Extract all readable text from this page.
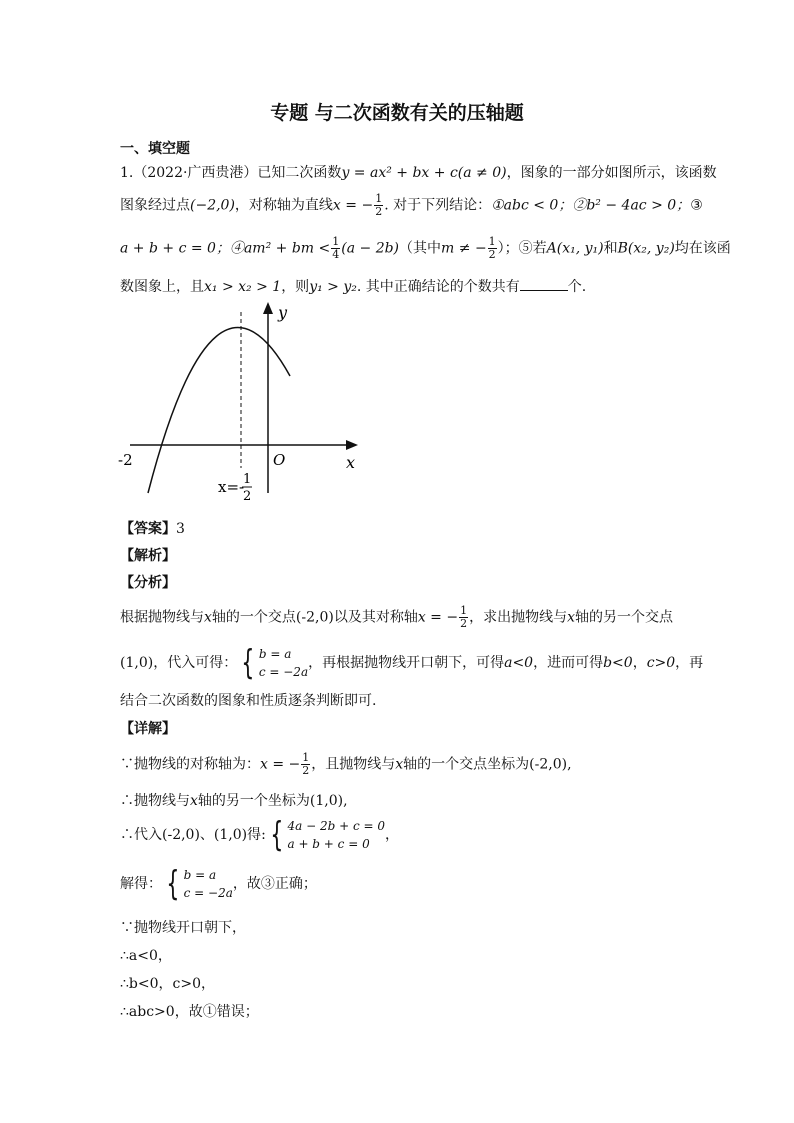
专题 与二次函数有关的压轴题
一、填空题
1.（2022·广西贵港）已知二次函数y = ax² + bx + c(a ≠ 0)，图象的一部分如图所示，该函数
图象经过点(−2,0)，对称轴为直线x = − $\frac{1}{2}$ . 对于下列结论：①abc < 0；②b² − 4ac > 0；③
a + b + c = 0；④am² + bm < $\frac{1}{4} (a - 2b)$（其中m ≠ − $\frac{1}{2}$ ）；⑤若A(x₁, y₁)和B(x₂, y₂)均在该函
数图象上，且x₁ > x₂ > 1，则y₁ > y₂. 其中正确结论的个数共有	个.
y
x
O
-2
x=-
1
2
【答案】3
【解析】
【分析】
根据抛物线与x轴的一个交点(-2,0)以及其对称轴x = − $\frac{1}{2}$ ，求出抛物线与x轴的另一个交点
(1,0)，代入可得： { b = a
c = −2a
，再根据抛物线开口朝下，可得a<0，进而可得b<0，c>0，再
结合二次函数的图象和性质逐条判断即可.
【详解】
∵抛物线的对称轴为：x = − $\frac{1}{2}$ ，且抛物线与x轴的一个交点坐标为(-2,0),
∴抛物线与x轴的另一个坐标为(1,0),
∴代入(-2,0)、(1,0)得: { 4a − 2b + c = 0
a + b + c = 0
，
解得： { b = a
c = −2a
，故③正确；
∵抛物线开口朝下，
∴a<0，
∴b<0，c>0，
∴abc>0，故①错误；
